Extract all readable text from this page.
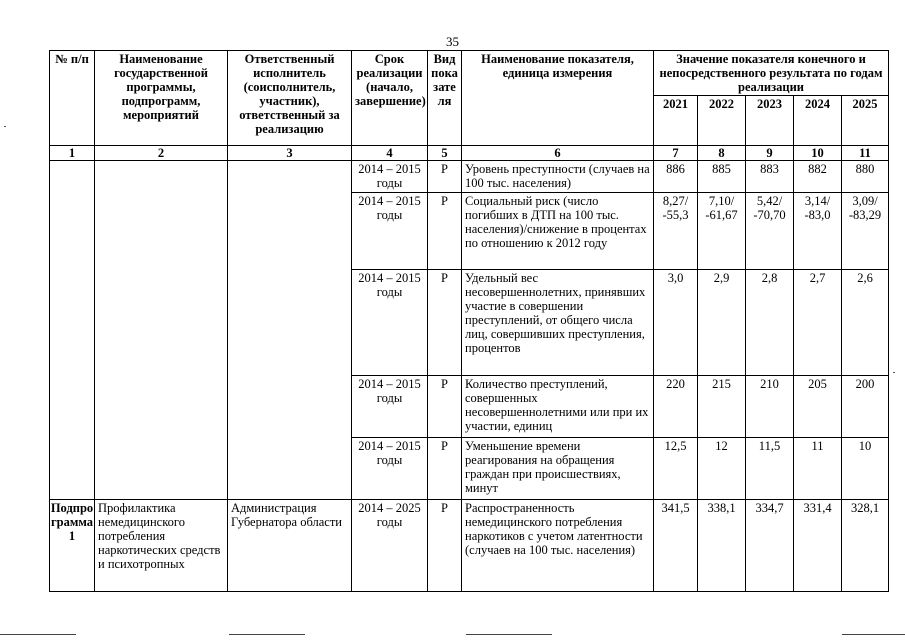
35
№ п/п	Наименование государственной программы, подпрограмм, мероприятий	Ответственный исполнитель (соисполнитель, участник), ответственный за реализацию	Срок реализации (начало, завершение)	Вид показателя	Наименование показателя, единица измерения	Значение показателя конечного и непосредственного результата по годам реализации				
						2021	2022	2023	2024	2025
1	2	3	4	5	6	7	8	9	10	11
			2014 – 2015 годы	Р	Уровень преступности (случаев на 100 тыс. населения)	886	885	883	882	880
			2014 – 2015 годы	Р	Социальный риск (число погибших в ДТП на 100 тыс. населения)/снижение в процентах по отношению к 2012 году	8,27/ -55,3	7,10/ -61,67	5,42/ -70,70	3,14/ -83,0	3,09/ -83,29
			2014 – 2015 годы	Р	Удельный вес несовершеннолетних, принявших участие в совершении преступлений, от общего числа лиц, совершивших преступления, процентов	3,0	2,9	2,8	2,7	2,6
			2014 – 2015 годы	Р	Количество преступлений, совершенных несовершеннолетними или при их участии, единиц	220	215	210	205	200
			2014 – 2015 годы	Р	Уменьшение времени реагирования на обращения граждан при происшествиях, минут	12,5	12	11,5	11	10
Подпрограмма 1	Профилактика немедицинского потребления наркотических средств и психотропных	Администрация Губернатора области	2014 – 2025 годы	Р	Распространенность немедицинского потребления наркотиков с учетом латентности (случаев на 100 тыс. населения)	341,5	338,1	334,7	331,4	328,1
